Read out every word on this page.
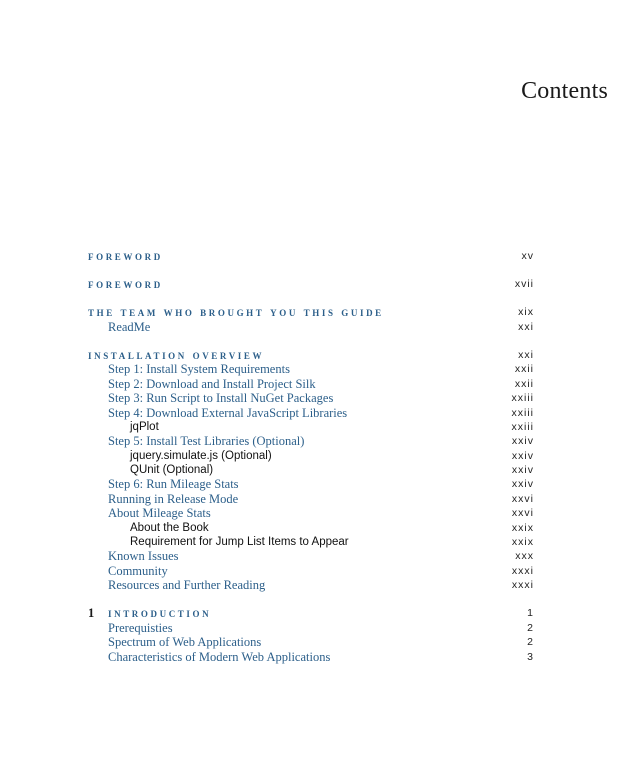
Contents
foreword	xv
foreword	xvii
the team who brought you this guide	xix
ReadMe	xxi
installation overview	xxi
Step 1: Install System Requirements	xxii
Step 2: Download and Install Project Silk	xxii
Step 3: Run Script to Install NuGet Packages	xxiii
Step 4: Download External JavaScript Libraries	xxiii
jqPlot	xxiii
Step 5: Install Test Libraries (Optional)	xxiv
jquery.simulate.js (Optional)	xxiv
QUnit (Optional)	xxiv
Step 6: Run Mileage Stats	xxiv
Running in Release Mode	xxvi
About Mileage Stats	xxvi
About the Book	xxix
Requirement for Jump List Items to Appear	xxix
Known Issues	xxx
Community	xxxi
Resources and Further Reading	xxxi
1 introduction	1
Prerequisties	2
Spectrum of Web Applications	2
Characteristics of Modern Web Applications	3
